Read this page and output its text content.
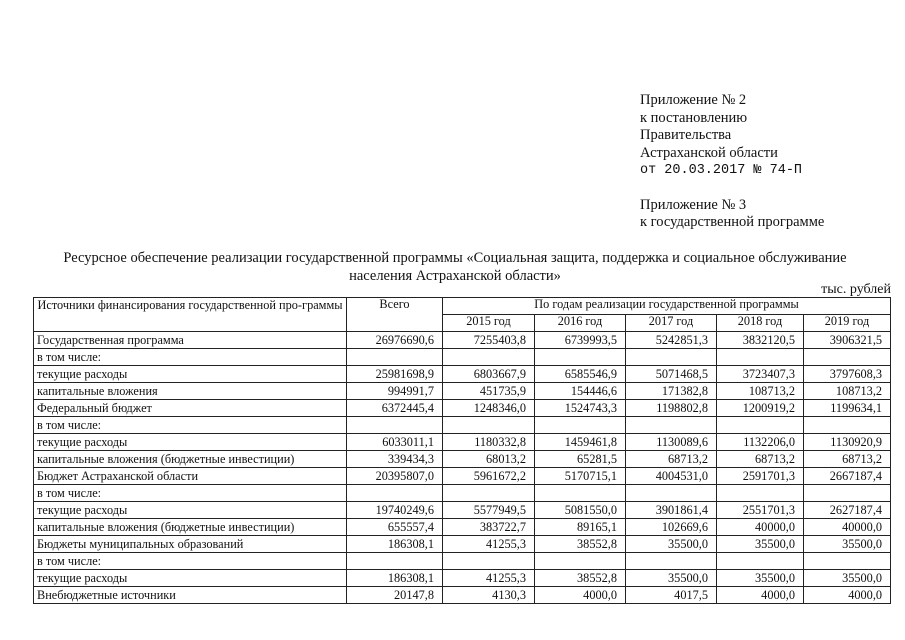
Приложение № 2
к постановлению
Правительства
Астраханской области
от 20.03.2017 № 74-П
Приложение № 3
к государственной программе
Ресурсное обеспечение реализации государственной программы «Социальная защита, поддержка и социальное обслуживание населения Астраханской области»
тыс. рублей
Источники финансирования государственной про-граммы	Всего	По годам реализации государственной программы				
		2015 год	2016 год	2017 год	2018 год	2019 год
Государственная программа	26976690,6	7255403,8	6739993,5	5242851,3	3832120,5	3906321,5
в том числе:						
текущие расходы	25981698,9	6803667,9	6585546,9	5071468,5	3723407,3	3797608,3
капитальные вложения	994991,7	451735,9	154446,6	171382,8	108713,2	108713,2
Федеральный бюджет	6372445,4	1248346,0	1524743,3	1198802,8	1200919,2	1199634,1
в том числе:						
текущие расходы	6033011,1	1180332,8	1459461,8	1130089,6	1132206,0	1130920,9
капитальные вложения (бюджетные инвестиции)	339434,3	68013,2	65281,5	68713,2	68713,2	68713,2
Бюджет Астраханской области	20395807,0	5961672,2	5170715,1	4004531,0	2591701,3	2667187,4
в том числе:						
текущие расходы	19740249,6	5577949,5	5081550,0	3901861,4	2551701,3	2627187,4
капитальные вложения (бюджетные инвестиции)	655557,4	383722,7	89165,1	102669,6	40000,0	40000,0
Бюджеты муниципальных образований	186308,1	41255,3	38552,8	35500,0	35500,0	35500,0
в том числе:						
текущие расходы	186308,1	41255,3	38552,8	35500,0	35500,0	35500,0
Внебюджетные источники	20147,8	4130,3	4000,0	4017,5	4000,0	4000,0
